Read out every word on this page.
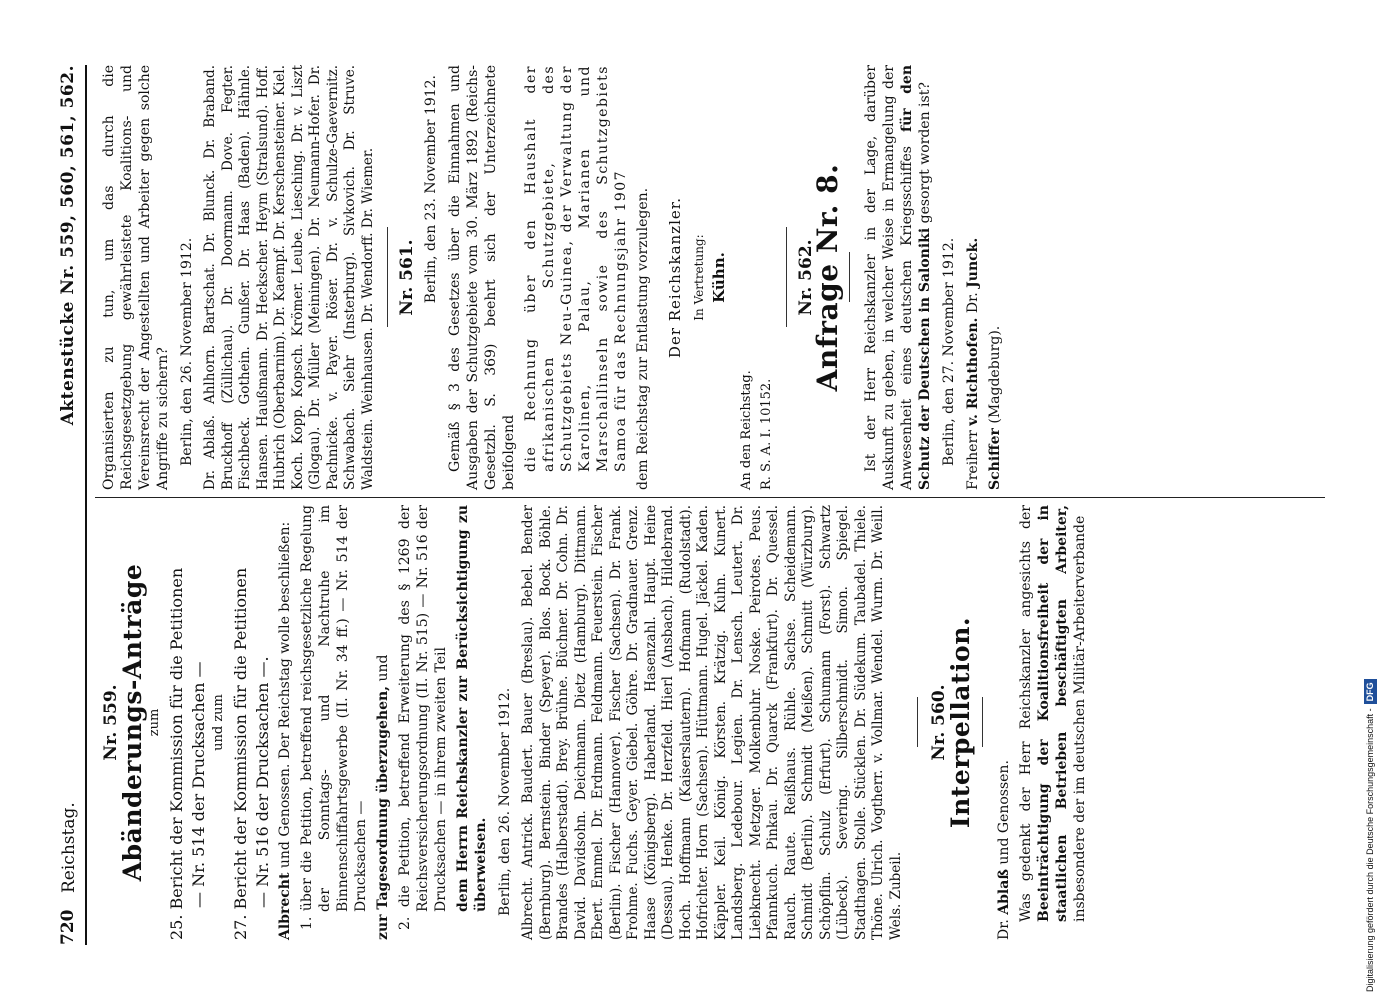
720
Reichstag.
Aktenstücke Nr. 559, 560, 561, 562.
Nr. 559.
Abänderungs-Anträge zum 25. Bericht der Kommission für die Petitionen — Nr. 514 der Drucksachen — und zum 27. Bericht der Kommission für die Petitionen — Nr. 516 der Drucksachen —. Albrecht und Genossen. Der Reichstag wolle beschließen: 1. über die Petition, betreffend reichsgesetzliche Regelung der Sonntags- und Nachtruhe im Binnenschiffahrtsgewerbe (II. Nr. 34 ff.) — Nr. 514 der Drucksachen — zur Tagesordnung überzugehen, und 2. die Petition, betreffend Erweiterung des § 1269 der Reichsversicherungsordnung (II. Nr. 515) — Nr. 516 der Drucksachen — in ihrem zweiten Teil dem Herrn Reichskanzler zur Berücksichtigung zu überweisen. Berlin, den 26. November 1912. Albrecht. Antrick. Baudert. Bauer (Breslau). Bebel. Bender (Bernburg). Bernstein. Binder (Speyer). Blos. Bock. Böhle. Brandes (Halberstadt). Brey. Brühne. Büchner. Dr. Cohn. Dr. David. Davidsohn. Deichmann. Dietz (Hamburg). Dittmann. Ebert. Emmel. Dr. Erdmann. Feldmann. Feuerstein. Fischer (Berlin). Fischer (Hannover). Fischer (Sachsen). Dr. Frank. Frohme. Fuchs. Geyer. Giebel. Göhre. Dr. Gradnauer. Grenz. Haase (Königsberg). Haberland. Hasenzahl. Haupt. Heine (Dessau). Henke. Dr. Herzfeld. Hierl (Ansbach). Hildebrand. Hoch. Hoffmann (Kaiserslautern). Hofmann (Rudolstadt). Hofrichter. Horn (Sachsen). Hüttmann. Hugel. Jäckel. Kaden. Käppler. Keil. König. Körsten. Krätzig. Kuhn. Kunert. Landsberg. Ledebour. Legien. Dr. Lensch. Leutert. Dr. Liebknecht. Metzger. Molkenbuhr. Noske. Peirotes. Peus. Pfannkuch. Pinkau. Dr. Quarck (Frankfurt). Dr. Quessel. Rauch. Raute. Reißhaus. Rühle. Sachse. Scheidemann. Schmidt (Berlin). Schmidt (Meißen). Schmitt (Würzburg). Schöpflin. Schulz (Erfurt). Schumann (Forst). Schwartz (Lübeck). Severing. Silberschmidt. Simon. Spiegel. Stadthagen. Stolle. Stücklen. Dr. Südekum. Taubadel. Thiele. Thöne. Ulrich. Vogtherr. v. Vollmar. Wendel. Wurm. Dr. Weill. Wels. Zubeil.
Nr. 560.
Interpellation.
Dr. Ablaß und Genossen. Was gedenkt der Herr Reichskanzler angesichts der Beeinträchtigung der Koalitionsfreiheit der in staatlichen Betrieben beschäftigten Arbeiter, insbesondere der im deutschen Militär-Arbeiterverbande
Organisierten zu tun, um das durch die Reichsgesetzgebung gewährleistete Koalitions- und Vereinsrecht der Angestellten und Arbeiter gegen solche Angriffe zu sichern? Berlin, den 26. November 1912. Dr. Ablaß. Ahlhorn. Bartschat. Dr. Blunck. Dr. Braband. Bruckhoff (Züllichau). Dr. Doormann. Dove. Fegter. Fischbeck. Gothein. Gunßer. Dr. Haas (Baden). Hähnle. Hansen. Haußmann. Dr. Heckscher. Heym (Stralsund). Hoff. Hubrich (Oberbarnim). Dr. Kaempf. Dr. Kerschensteiner. Kiel. Koch. Kopp. Kopsch. Krömer. Leube. Liesching. Dr. v. Liszt (Glogau). Dr. Müller (Meiningen). Dr. Neumann-Hofer. Dr. Pachnicke. v. Payer. Röser. Dr. v. Schulze-Gaevernitz. Schwabach. Siehr (Insterburg). Sivkovich. Dr. Struve. Waldstein. Weinhausen. Dr. Wendorff. Dr. Wiemer. Nr. 561. Berlin, den 23. November 1912. Gemäß § 3 des Gesetzes über die Einnahmen und Ausgaben der Schutzgebiete vom 30. März 1892 (Reichs-Gesetzbl. S. 369) beehrt sich der Unterzeichnete beifolgend die Rechnung über den Haushalt der afrikanischen Schutzgebiete, des Schutzgebiets Neu-Guinea, der Verwaltung der Karolinen, Palau, Marianen und Marschallinseln sowie des Schutzgebiets Samoa für das Rechnungsjahr 1907 dem Reichstag zur Entlastung vorzulegen. Der Reichskanzler. In Vertretung: Kühn.
An den Reichstag. R. S. A. I. 10152.
Nr. 562.
Anfrage Nr. 8. Ist der Herr Reichskanzler in der Lage, darüber Auskunft zu geben, in welcher Weise in Ermangelung der Anwesenheit eines deutschen Kriegsschiffes für den Schutz der Deutschen in Saloniki gesorgt worden ist?
Berlin, den 27. November 1912. Freiherr v. Richthofen. Dr. Junck.
Schiffer (Magdeburg).
Digitalisierung gefördert durch die Deutsche Forschungsgemeinschaft -DFG
